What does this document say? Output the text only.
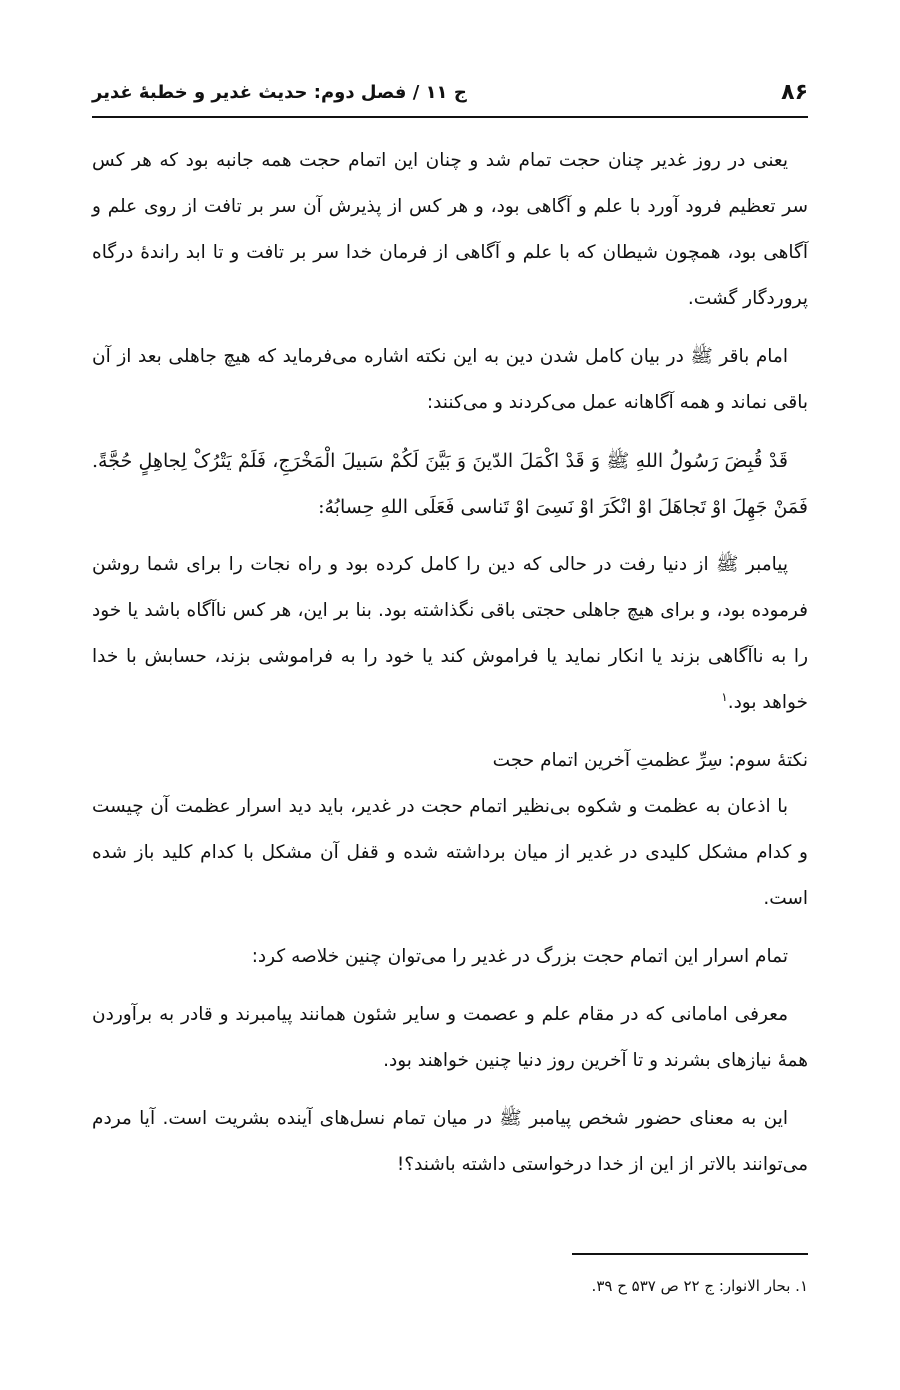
۸۶
ج ۱۱ / فصل دوم: حدیث غدیر و خطبهٔ غدیر

یعنی در روز غدیر چنان حجت تمام شد و چنان این اتمام حجت همه جانبه بود که هر کس سر تعظیم فرود آورد با علم و آگاهی بود، و هر کس از پذیرش آن سر بر تافت از روی علم و آگاهی بود، همچون شیطان که با علم و آگاهی از فرمان خدا سر بر تافت و تا ابد راندهٔ درگاه پروردگار گشت.

امام باقر ﷺ در بیان کامل شدن دین به این نکته اشاره می‌فرماید که هیچ جاهلی بعد از آن باقی نماند و همه آگاهانه عمل می‌کردند و می‌کنند:

قَدْ قُبِضَ رَسُولُ اللهِ ﷺ وَ قَدْ اکْمَلَ الدّینَ وَ بَیَّنَ لَکُمْ سَبیلَ الْمَخْرَجِ، فَلَمْ یَتْرُکْ لِجاهِلٍ حُجَّةً. فَمَنْ جَهِلَ اوْ تَجاهَلَ اوْ انْکَرَ اوْ نَسِیَ اوْ تَناسی فَعَلَی اللهِ حِسابُهُ:

پیامبر ﷺ از دنیا رفت در حالی که دین را کامل کرده بود و راه نجات را برای شما روشن فرموده بود، و برای هیچ جاهلی حجتی باقی نگذاشته بود. بنا بر این، هر کس ناآگاه باشد یا خود را به ناآگاهی بزند یا انکار نماید یا فراموش کند یا خود را به فراموشی بزند، حسابش با خدا خواهد بود.$^۱$

نکتهٔ سوم: سِرِّ عظمتِ آخرین اتمام حجت

با اذعان به عظمت و شکوه بی‌نظیر اتمام حجت در غدیر، باید دید اسرار عظمت آن چیست و کدام مشکل کلیدی در غدیر از میان برداشته شده و قفل آن مشکل با کدام کلید باز شده است.

تمام اسرار این اتمام حجت بزرگ در غدیر را می‌توان چنین خلاصه کرد:

معرفی امامانی که در مقام علم و عصمت و سایر شئون همانند پیامبرند و قادر به برآوردن همهٔ نیازهای بشرند و تا آخرین روز دنیا چنین خواهند بود.

این به معنای حضور شخص پیامبر ﷺ در میان تمام نسل‌های آینده بشریت است. آیا مردم می‌توانند بالاتر از این از خدا درخواستی داشته باشند؟!

۱. بحار الانوار: ج ۲۲ ص ۵۳۷ ح ۳۹.
